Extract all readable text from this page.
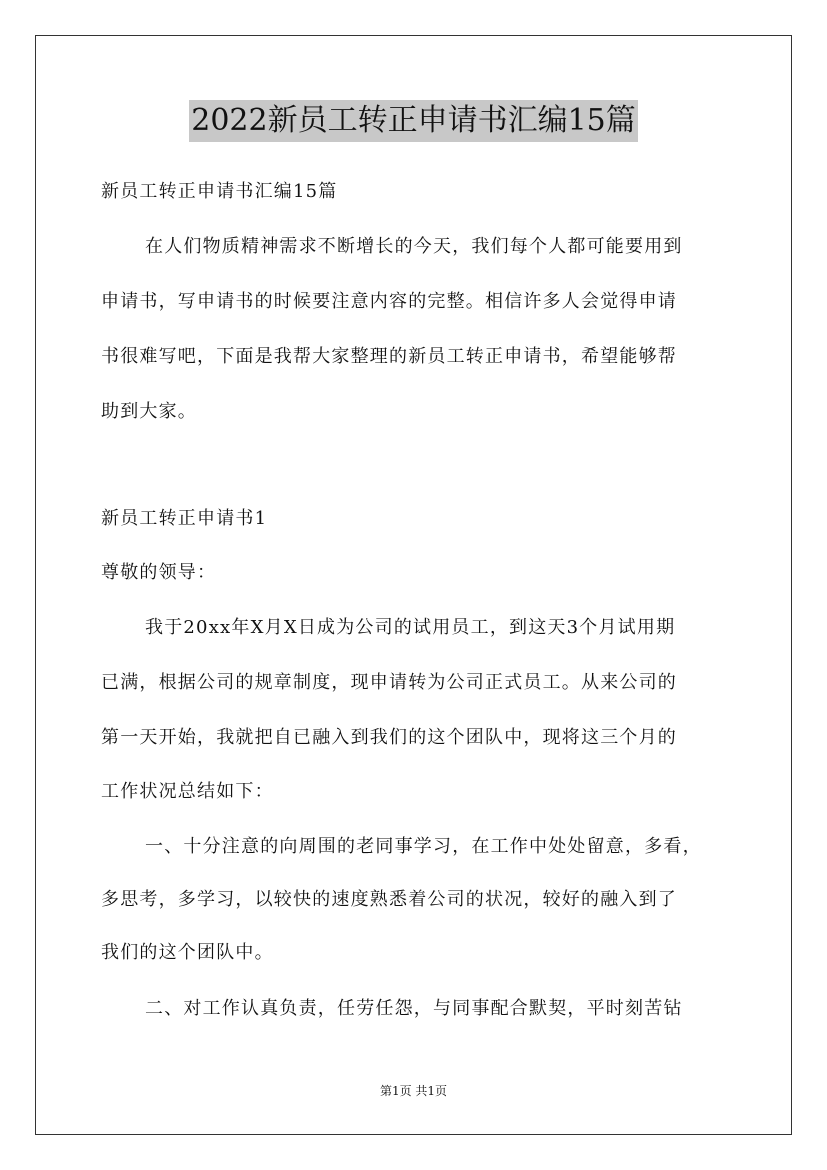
2022新员工转正申请书汇编15篇
新员工转正申请书汇编15篇
在人们物质精神需求不断增长的今天，我们每个人都可能要用到
申请书，写申请书的时候要注意内容的完整。相信许多人会觉得申请
书很难写吧，下面是我帮大家整理的新员工转正申请书，希望能够帮
助到大家。
新员工转正申请书1
尊敬的领导：
我于20xx年X月X日成为公司的试用员工，到这天3个月试用期
已满，根据公司的规章制度，现申请转为公司正式员工。从来公司的
第一天开始，我就把自已融入到我们的这个团队中，现将这三个月的
工作状况总结如下：
一、十分注意的向周围的老同事学习，在工作中处处留意，多看，
多思考，多学习，以较快的速度熟悉着公司的状况，较好的融入到了
我们的这个团队中。
二、对工作认真负责，任劳任怨，与同事配合默契，平时刻苦钻
第1页 共1页
